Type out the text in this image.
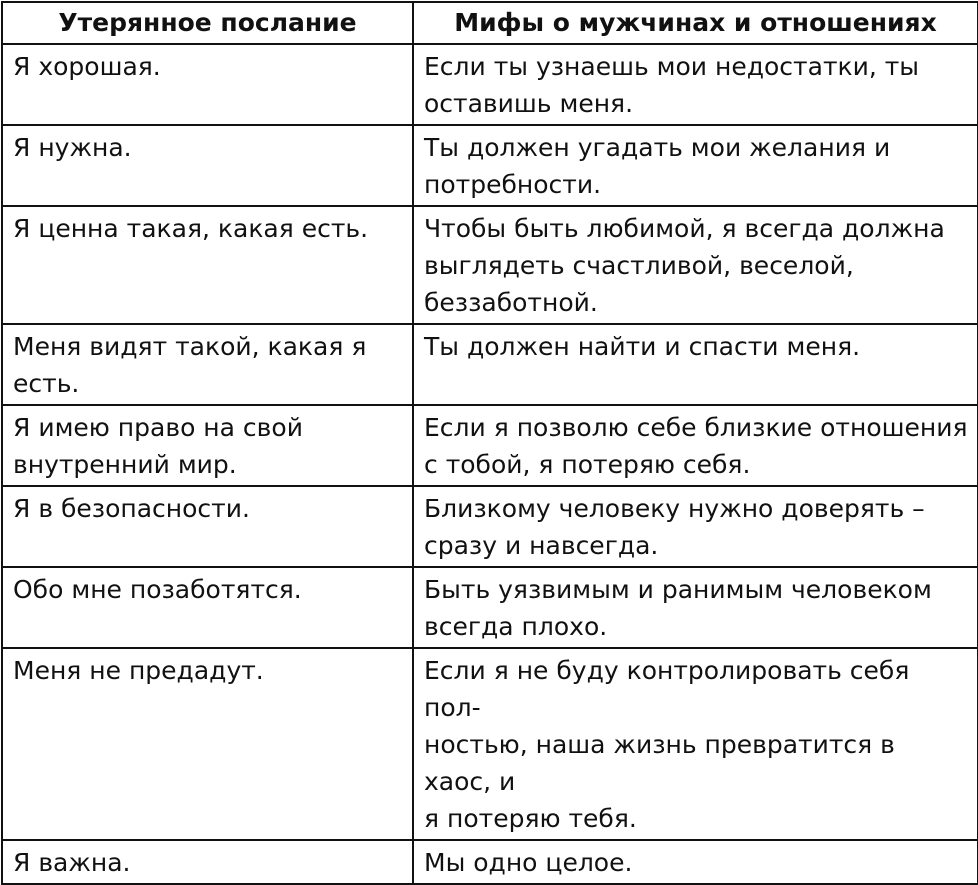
Утерянное послание	Мифы о мужчинах и отношениях

Я хорошая.	Если ты узнаешь мои недостатки, ты
оставишь меня.

Я нужна.	Ты должен угадать мои желания и
потребности.

Я ценна такая, какая есть.	Чтобы быть любимой, я всегда должна
выглядеть счастливой, веселой,
беззаботной.

Меня видят такой, какая я
есть.	Ты должен найти и спасти меня.

Я имею право на свой
внутренний мир.	Если я позволю себе близкие отношения
с тобой, я потеряю себя.

Я в безопасности.	Близкому человеку нужно доверять –
сразу и навсегда.

Обо мне позаботятся.	Быть уязвимым и ранимым человеком
всегда плохо.

Меня не предадут.	Если я не буду контролировать себя пол-
ностью, наша жизнь превратится в хаос, и
я потеряю тебя.

Я важна.	Мы одно целое.
